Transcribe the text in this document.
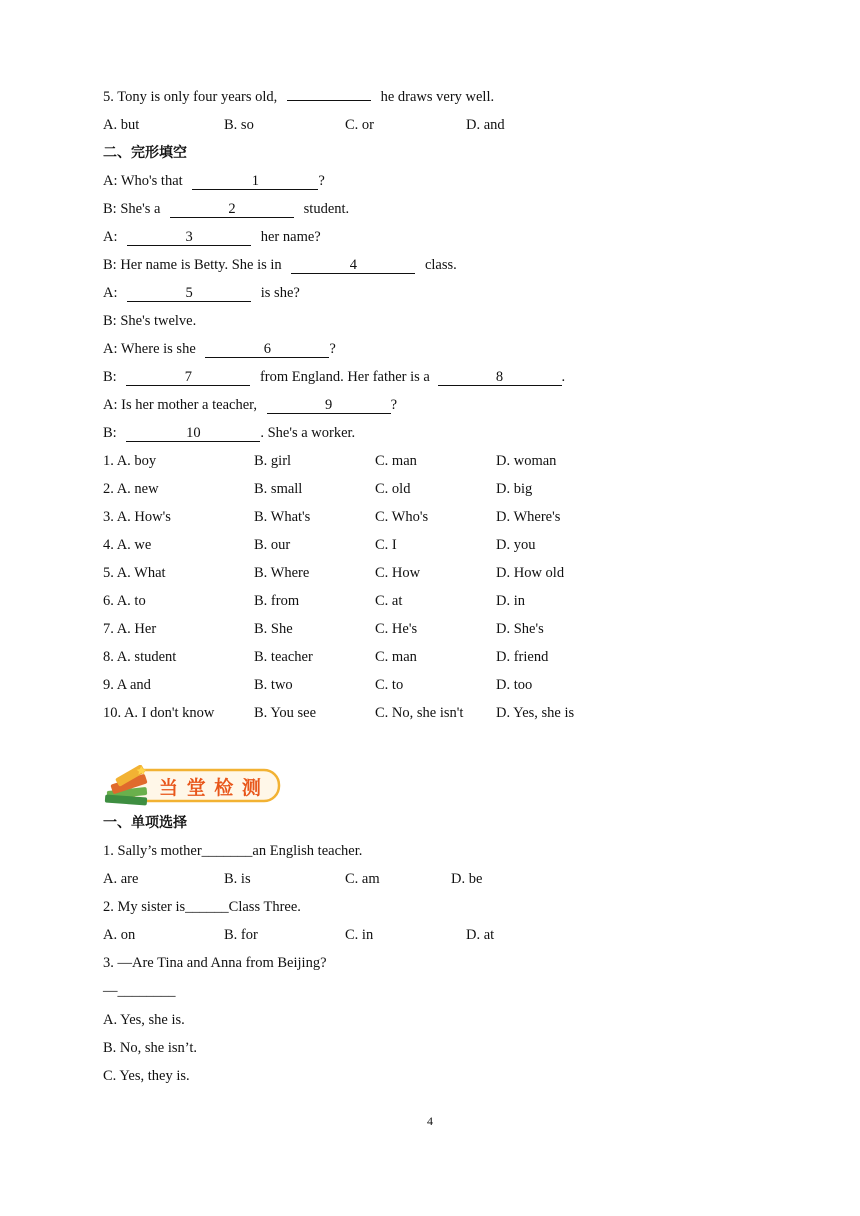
5. Tony is only four years old,	he draws very well.
A. but	B. so	C. or	D. and
二、完形填空
A: Who's that	1	?
B: She's a	2	student.
A:	3	her name?
B: Her name is Betty. She is in	4	class.
A:	5	is she?
B: She's twelve.
A: Where is she	6	?
B:	7	from England. Her father is a	8	.
A: Is her mother a teacher,	9	?
B:	10	. She's a worker.
1. A. boy	B. girl	C. man	D. woman
2. A. new	B. small	C. old	D. big
3. A. How's	B. What's	C. Who's	D. Where's
4. A. we	B. our	C. I	D. you
5. A. What	B. Where	C. How	D. How old
6. A. to	B. from	C. at	D. in
7. A. Her	B. She	C. He's	D. She's
8. A. student	B. teacher	C. man	D. friend
9. A and	B. two	C. to	D. too
10. A. I don't know	B. You see	C. No, she isn't D. Yes, she is
当 堂 检 测
一、单项选择
1. Sally’s mother_______an English teacher.
A. are	B. is	C. am	D. be
2. My sister is______Class Three.
A. on	B. for	C. in	D. at
3. —Are Tina and Anna from Beijing?
—________
A. Yes, she is.
B. No, she isn’t.
C. Yes, they is.
4
